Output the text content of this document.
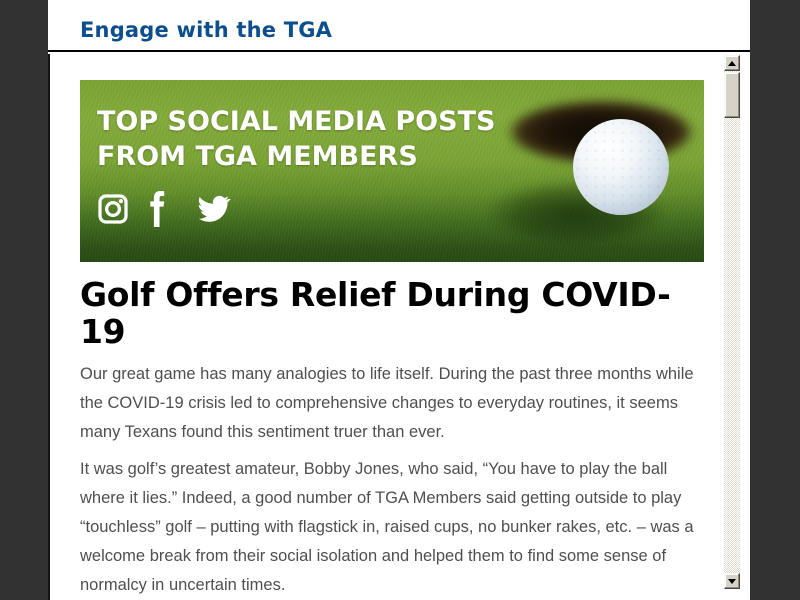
Engage with the TGA
TOP SOCIAL MEDIA POSTS
FROM TGA MEMBERS
Golf Offers Relief During COVID-19

Our great game has many analogies to life itself. During the past three months while the COVID-19 crisis led to comprehensive changes to everyday routines, it seems many Texans found this sentiment truer than ever.

It was golf’s greatest amateur, Bobby Jones, who said, “You have to play the ball where it lies.” Indeed, a good number of TGA Members said getting outside to play “touchless” golf – putting with flagstick in, raised cups, no bunker rakes, etc. – was a welcome break from their social isolation and helped them to find some sense of normalcy in uncertain times.
